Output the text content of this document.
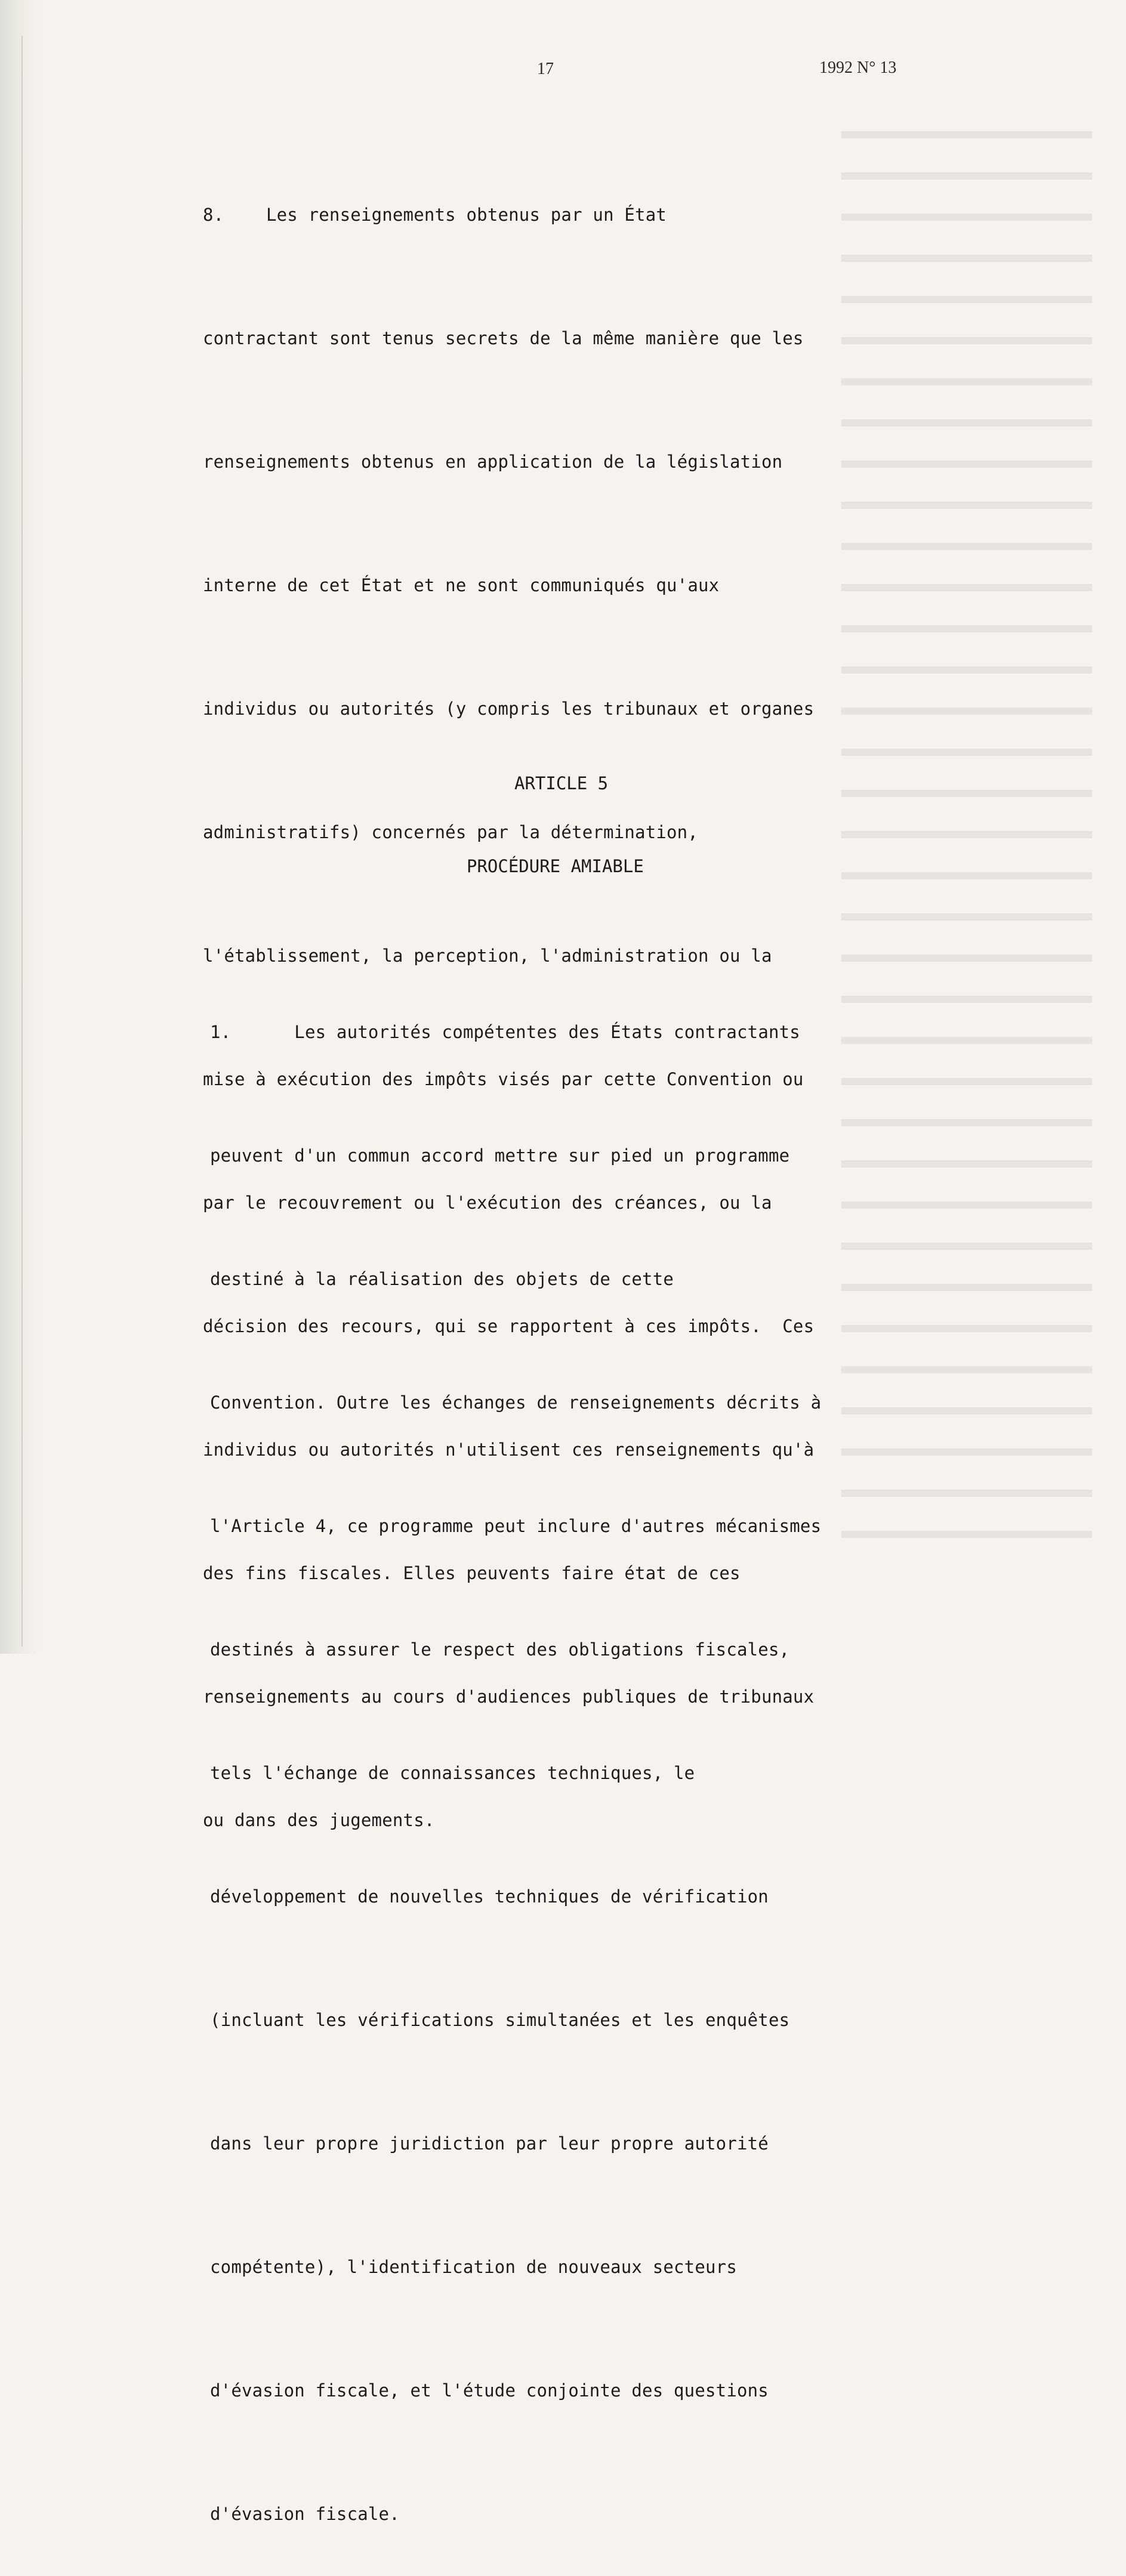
17	1992 N° 13

8. Les renseignements obtenus par un État

contractant sont tenus secrets de la même manière que les

renseignements obtenus en application de la législation

interne de cet État et ne sont communiqués qu'aux

individus ou autorités (y compris les tribunaux et organes

administratifs) concernés par la détermination,

l'établissement, la perception, l'administration ou la

mise à exécution des impôts visés par cette Convention ou

par le recouvrement ou l'exécution des créances, ou la

décision des recours, qui se rapportent à ces impôts.  Ces

individus ou autorités n'utilisent ces renseignements qu'à

des fins fiscales. Elles peuvents faire état de ces

renseignements au cours d'audiences publiques de tribunaux

ou dans des jugements.

ARTICLE 5
PROCÉDURE AMIABLE

1.	Les autorités compétentes des États contractants

peuvent d'un commun accord mettre sur pied un programme

destiné à la réalisation des objets de cette

Convention. Outre les échanges de renseignements décrits à

l'Article 4, ce programme peut inclure d'autres mécanismes

destinés à assurer le respect des obligations fiscales,

tels l'échange de connaissances techniques, le

développement de nouvelles techniques de vérification

(incluant les vérifications simultanées et les enquêtes

dans leur propre juridiction par leur propre autorité

compétente), l'identification de nouveaux secteurs

d'évasion fiscale, et l'étude conjointe des questions

d'évasion fiscale.
